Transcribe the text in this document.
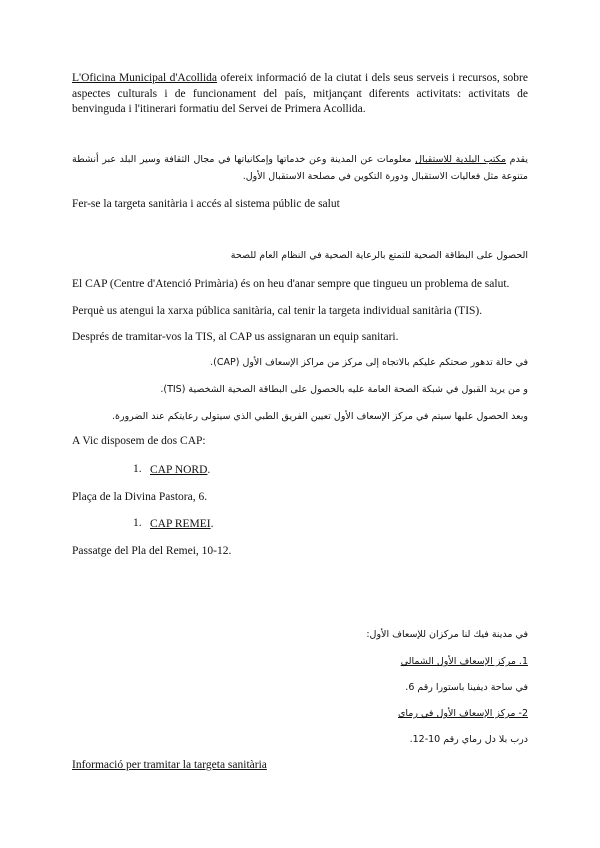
L'Oficina Municipal d'Acollida ofereix informació de la ciutat i dels seus serveis i recursos, sobre aspectes culturals i de funcionament del país, mitjançant diferents activitats: activitats de benvinguda i l'itinerari formatiu del Servei de Primera Acollida.
يقدم مكتب البلدية للاستقبال معلومات عن المدينة وعن خدماتها وإمكانياتها في مجال الثقافة وسير البلد عبر أنشطة متنوعة مثل فعاليات الاستقبال ودورة التكوين في مصلحة الاستقبال الأول.
Fer-se la targeta sanitària i accés al sistema públic de salut
الحصول على البطاقة الصحية للتمتع بالرعاية الصحية في النظام العام للصحة
El CAP (Centre d'Atenció Primària) és on heu d'anar sempre que tingueu un problema de salut.
Perquè us atengui la xarxa pública sanitària, cal tenir la targeta individual sanitària (TIS).
Després de tramitar-vos la TIS, al CAP us assignaran un equip sanitari.
في حالة تدهور صحتكم عليكم بالاتجاه إلى مركز من مراكز الإسعاف الأول (CAP).
و من يريد القبول في شبكة الصحة العامة عليه بالحصول على البطاقة الصحية الشخصية (TIS).
وبعد الحصول عليها سيتم في مركز الإسعاف الأول تعيين الفريق الطبي الذي سيتولى رعايتكم عند الضرورة.
A Vic disposem de dos CAP:
1. CAP NORD.
Plaça de la Divina Pastora, 6.
1. CAP REMEI.
Passatge del Pla del Remei, 10-12.
في مدينة فيك لنا مركزان للإسعاف الأول:
1. مركز الإسعاف الأول الشمالي
في ساحة ديفينا باستورا رقم 6.
2- مركز الإسعاف الأول في رماي
درب بلا دل رماي رقم 10-12.
Informació per tramitar la targeta sanitària
